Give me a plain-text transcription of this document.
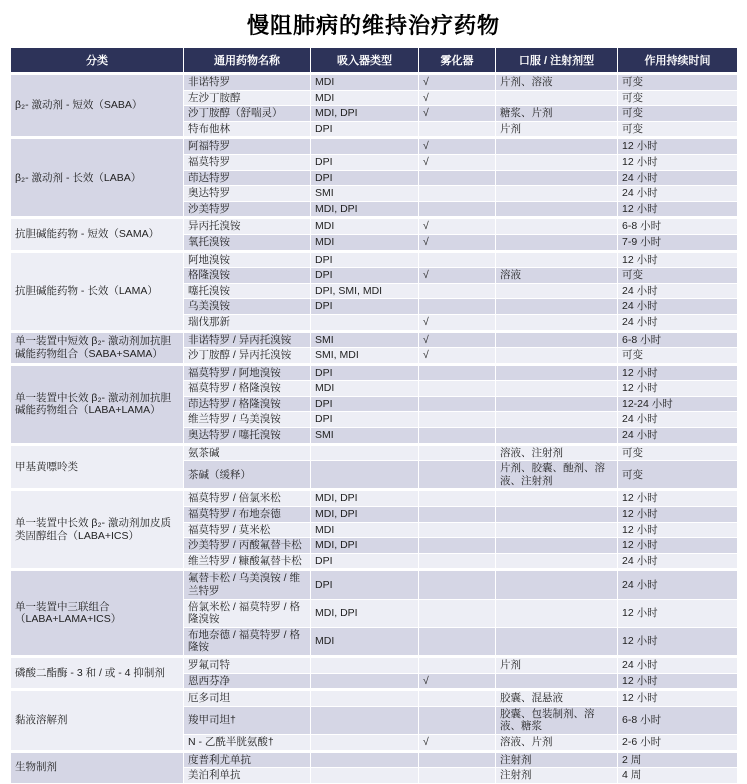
慢阻肺病的维持治疗药物
分类	通用药物名称	吸入器类型	雾化器	口服 / 注射剂型	作用持续时间
β₂- 激动剂 - 短效（SABA）	非诺特罗	MDI	√	片剂、溶液	可变
	左沙丁胺醇	MDI	√		可变
	沙丁胺醇（舒喘灵）	MDI, DPI	√	糖浆、片剂	可变
	特布他林	DPI		片剂	可变
β₂- 激动剂 - 长效（LABA）	阿福特罗		√		12 小时
	福莫特罗	DPI	√		12 小时
	茚达特罗	DPI			24 小时
	奥达特罗	SMI			24 小时
	沙美特罗	MDI, DPI			12 小时
抗胆碱能药物 - 短效（SAMA）	异丙托溴铵	MDI	√		6-8 小时
	氧托溴铵	MDI	√		7-9 小时
抗胆碱能药物 - 长效（LAMA）	阿地溴铵	DPI			12 小时
	格隆溴铵	DPI	√	溶液	可变
	噻托溴铵	DPI, SMI, MDI			24 小时
	乌美溴铵	DPI			24 小时
	瑞伐那新		√		24 小时
单一装置中短效 β₂- 激动剂加抗胆碱能药物组合（SABA+SAMA）	非诺特罗 / 异丙托溴铵	SMI	√		6-8 小时
	沙丁胺醇 / 异丙托溴铵	SMI, MDI	√		可变
单一装置中长效 β₂- 激动剂加抗胆碱能药物组合（LABA+LAMA）	福莫特罗 / 阿地溴铵	DPI			12 小时
	福莫特罗 / 格隆溴铵	MDI			12 小时
	茚达特罗 / 格隆溴铵	DPI			12-24 小时
	维兰特罗 / 乌美溴铵	DPI			24 小时
	奥达特罗 / 噻托溴铵	SMI			24 小时
甲基黄嘌呤类	氨茶碱			溶液、注射剂	可变
	茶碱（缓释）			片剂、胶囊、酏剂、溶液、注射剂	可变
单一装置中长效 β₂- 激动剂加皮质类固醇组合（LABA+ICS）	福莫特罗 / 倍氯米松	MDI, DPI			12 小时
	福莫特罗 / 布地奈德	MDI, DPI			12 小时
	福莫特罗 / 莫米松	MDI			12 小时
	沙美特罗 / 丙酸氟替卡松	MDI, DPI			12 小时
	维兰特罗 / 糠酸氟替卡松	DPI			24 小时
单一装置中三联组合（LABA+LAMA+ICS）	氟替卡松 / 乌美溴铵 / 维兰特罗	DPI			24 小时
	倍氯米松 / 福莫特罗 / 格隆溴铵	MDI, DPI			12 小时
	布地奈德 / 福莫特罗 / 格隆铵	MDI			12 小时
磷酸二酯酶 - 3 和 / 或 - 4 抑制剂	罗氟司特			片剂	24 小时
	恩西芬净		√		12 小时
黏液溶解剂	厄多司坦			胶囊、混悬液	12 小时
	羧甲司坦†			胶囊、包装制剂、溶液、糖浆	6-8 小时
	N - 乙酰半胱氨酸†		√	溶液、片剂	2-6 小时
生物制剂	度普利尤单抗			注射剂	2 周
	美泊利单抗			注射剂	4 周
